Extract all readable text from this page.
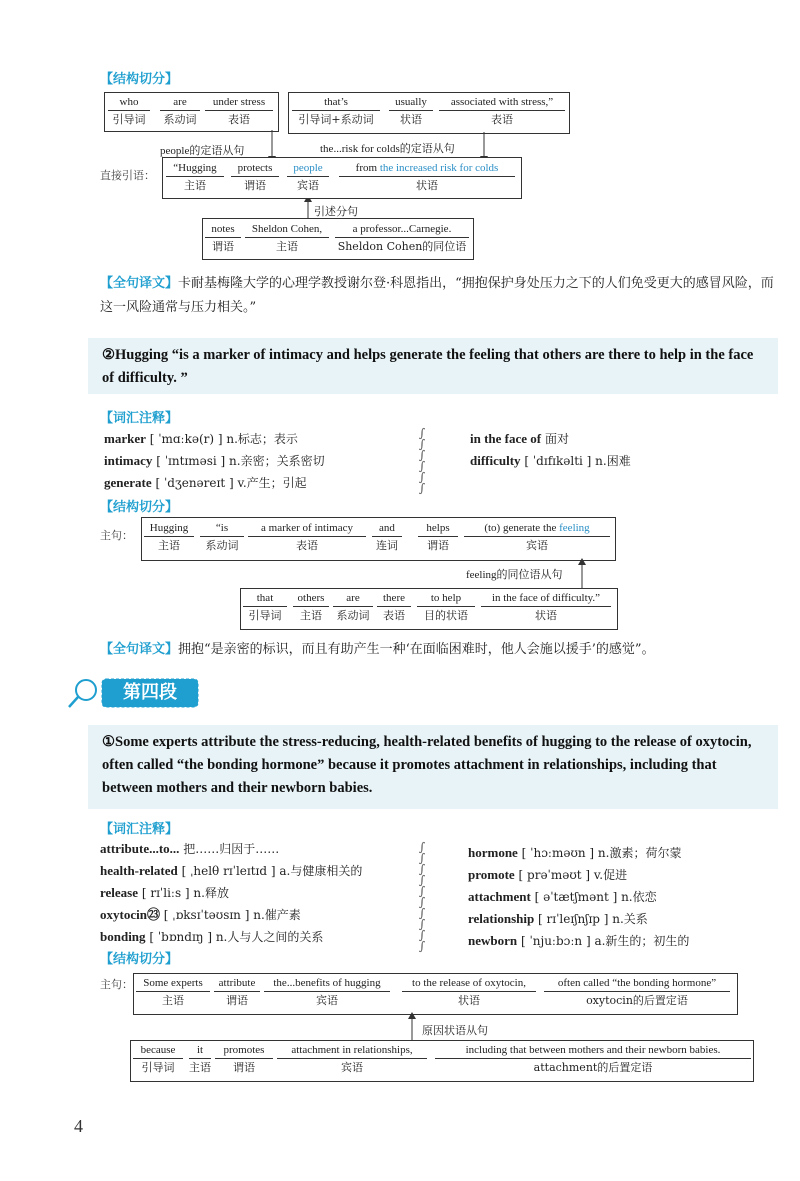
【结构切分】
who
引导词
are
系动词
under stress
表语
that’s
引导词+系动词
usually
状语
associated with stress,”
表语
people的定语从句	the...risk for colds的定语从句
直接引语：
“Hugging
主语
protects
谓语
people
宾语
from the increased risk for colds
状语
引述分句
notes
谓语
Sheldon Cohen,
主语
a professor...Carnegie.
Sheldon Cohen的同位语
【全句译文】卡耐基梅隆大学的心理学教授谢尔登·科恩指出，“拥抱保护身处压力之下的人们免受更大的感冒风险，而这一风险通常与压力相关。”
②Hugging “is a marker of intimacy and helps generate the feeling that others are there to help in the face of difficulty. ”
【词汇注释】
marker [ ˈmɑːkə(r) ] n.标志；表示
intimacy [ ˈɪntɪməsi ] n.亲密；关系密切
generate [ ˈdʒenəreɪt ] v.产生；引起
∫
∫
∫
∫
∫
∫
in the face of 面对
difficulty [ ˈdɪfɪkəlti ] n.困难
【结构切分】
主句：
Hugging
主语
“is
系动词
a marker of intimacy
表语
and
连词
helps
谓语
(to) generate the feeling
宾语
feeling的同位语从句
that
引导词
others
主语
are
系动词
there
表语
to help
目的状语
in the face of difficulty.”
状语
【全句译文】拥抱“是亲密的标识，而且有助产生一种‘在面临困难时，他人会施以援手’的感觉”。
第四段
①Some experts attribute the stress-reducing, health-related benefits of hugging to the release of oxytocin, often called “the bonding hormone” because it promotes attachment in relationships, including that between mothers and their newborn babies.
【词汇注释】
attribute...to... 把……归因于……
health-related [ ˌhelθ rɪˈleɪtɪd ] a.与健康相关的
release [ rɪˈliːs ] n.释放
oxytocin㉓ [ ˌɒksɪˈtəʊsɪn ] n.催产素
bonding [ ˈbɒndɪŋ ] n.人与人之间的关系
∫
∫
∫
∫
∫
∫
∫
∫
∫
∫
hormone [ ˈhɔːməʊn ] n.激素；荷尔蒙
promote [ prəˈməʊt ] v.促进
attachment [ əˈtætʃmənt ] n.依恋
relationship [ rɪˈleɪʃnʃɪp ] n.关系
newborn [ ˈnjuːbɔːn ] a.新生的；初生的
【结构切分】
主句： Some experts
主语
attribute
谓语
the...benefits of hugging
宾语
to the release of oxytocin,
状语
often called “the bonding hormone”
oxytocin的后置定语
原因状语从句
because
引导词
it
主语
promotes
谓语
attachment in relationships,
宾语
including that between mothers and their newborn babies.
attachment的后置定语
4
